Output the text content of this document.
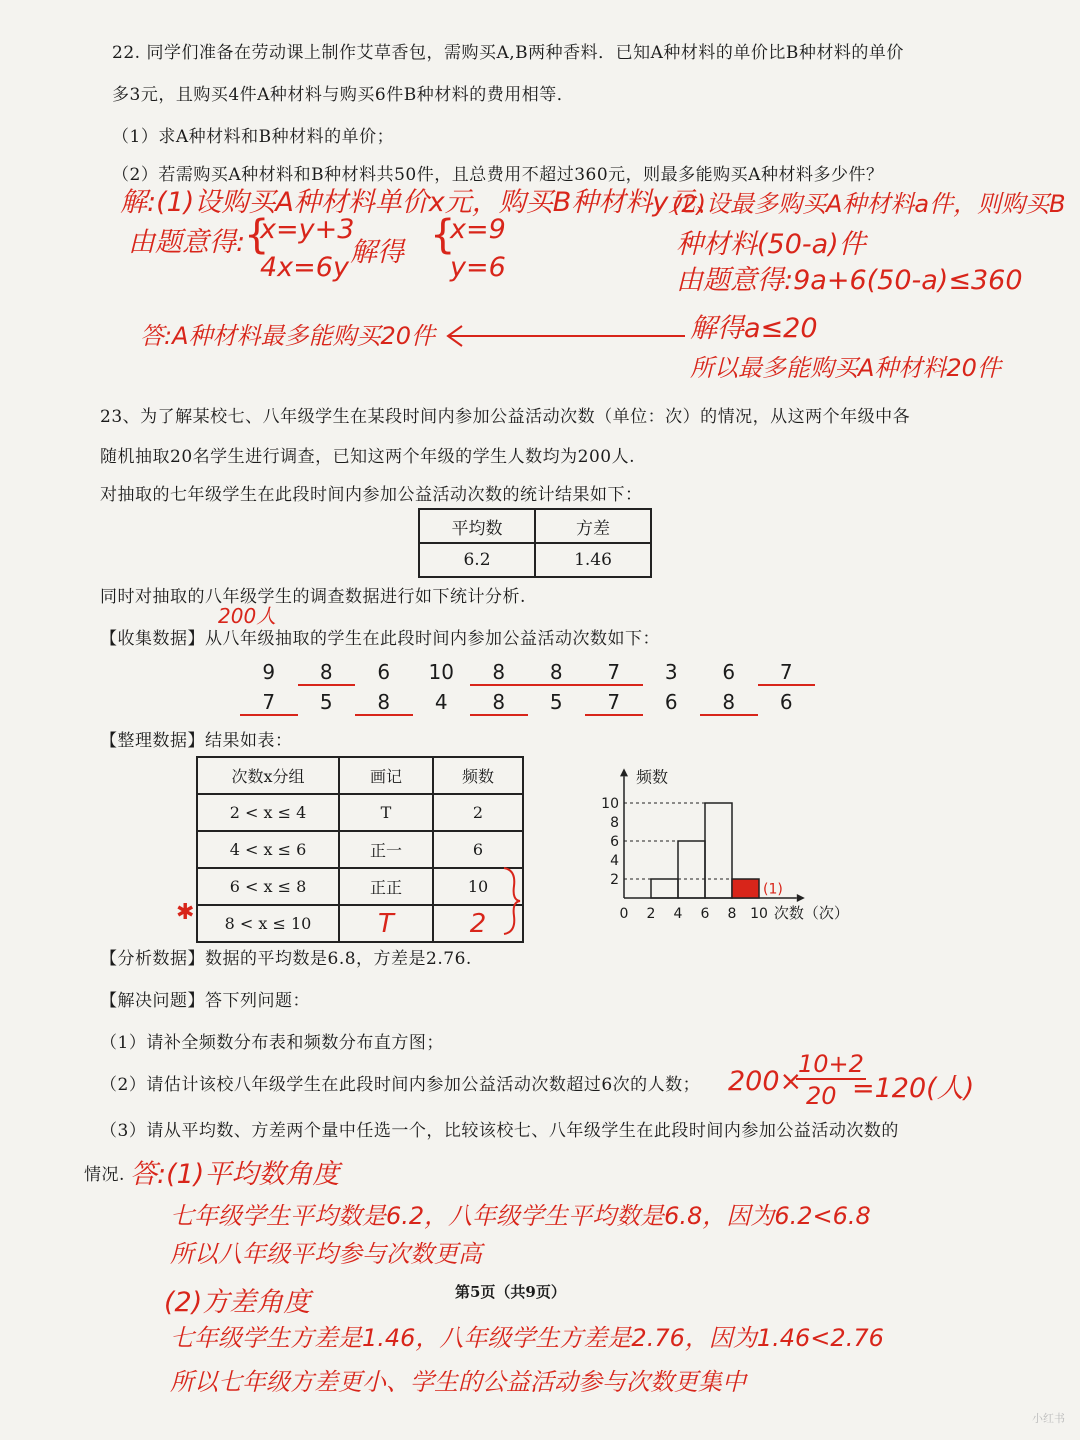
22. 同学们准备在劳动课上制作艾草香包，需购买A,B两种香料．已知A种材料的单价比B种材料的单价
多3元，且购买4件A种材料与购买6件B种材料的费用相等．
（1）求A种材料和B种材料的单价；
（2）若需购买A种材料和B种材料共50件，且总费用不超过360元，则最多能购买A种材料多少件？
解:(1)设购买A种材料单价x元，购买B种材料y元、
由题意得:
{
x=y+3
4x=6y 解得 {
x=9
y=6
(2)设最多购买A种材料a件，则购买B
种材料(50-a)件
由题意得:9a+6(50-a)≤360
解得a≤20
所以最多能购买A种材料20件
答:A种材料最多能购买20件
23、为了解某校七、八年级学生在某段时间内参加公益活动次数（单位：次）的情况，从这两个年级中各
随机抽取20名学生进行调查，已知这两个年级的学生人数均为200人.
对抽取的七年级学生在此段时间内参加公益活动次数的统计结果如下：
平均数	方差
6.2	1.46
同时对抽取的八年级学生的调查数据进行如下统计分析.
200人
【收集数据】从八年级抽取的学生在此段时间内参加公益活动次数如下：
9	8	6	10	8	8	7	3	6	7
7	5	8	4	8	5	7	6	8	6
【整理数据】结果如表：
次数x分组	画记	频数
2 < x ≤ 4	T	2
4 < x ≤ 6	正一	6
6 < x ≤ 8	正正	10
8 < x ≤ 10	T	2
✱
频数
次数（次）
0 2 4 6 8 10
2
4
6
8
10
(1)
【分析数据】数据的平均数是6.8，方差是2.76.
【解决问题】答下列问题：
（1）请补全频数分布表和频数分布直方图；
（2）请估计该校八年级学生在此段时间内参加公益活动次数超过6次的人数； 200×
10+2
20 =120(人)
（3）请从平均数、方差两个量中任选一个，比较该校七、八年级学生在此段时间内参加公益活动次数的
情况. 答:(1)平均数角度
七年级学生平均数是6.2，八年级学生平均数是6.8，因为6.2<6.8
所以八年级平均参与次数更高
(2)方差角度
七年级学生方差是1.46，八年级学生方差是2.76，因为1.46<2.76
所以七年级方差更小、学生的公益活动参与次数更集中
第5页（共9页）
小红书
